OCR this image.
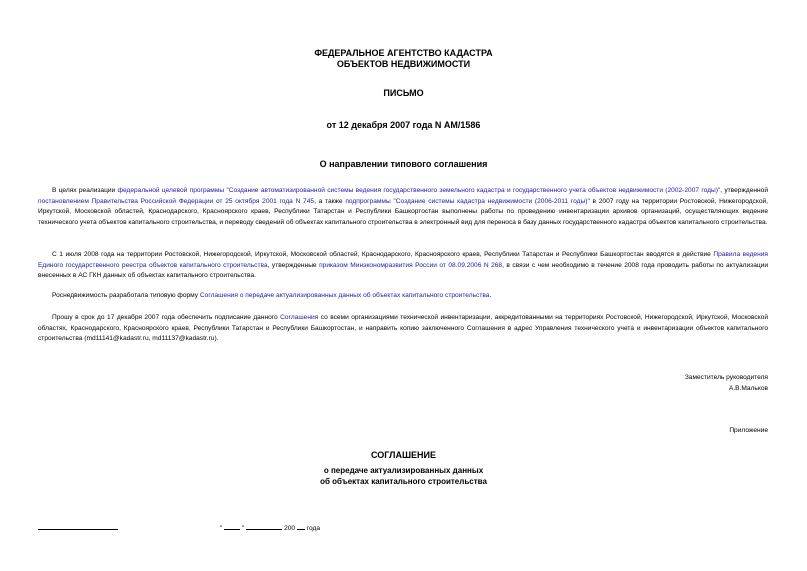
ФЕДЕРАЛЬНОЕ АГЕНТСТВО КАДАСТРА
ОБЪЕКТОВ НЕДВИЖИМОСТИ
ПИСЬМО
от 12 декабря 2007 года N АМ/1586
О направлении типового соглашения

В целях реализации федеральной целевой программы "Создание автоматизированной системы ведения государственного земельного кадастра и государственного учета объектов недвижимости (2002-2007 годы)", утвержденной постановлением Правительства Российской Федерации от 25 октября 2001 года N 745, а также подпрограммы "Создание системы кадастра недвижимости (2006-2011 годы)" в 2007 году на территории Ростовской, Нижегородской, Иркутской, Московской областей, Краснодарского, Красноярского краев, Республики Татарстан и Республики Башкортостан выполнены работы по проведению инвентаризации архивов организаций, осуществляющих ведение технического учета объектов капитального строительства, и переводу сведений об объектах капитального строительства в электронный вид для переноса в базу данных государственного кадастра объектов капитального строительства.

С 1 июля 2008 года на территории Ростовской, Нижегородской, Иркутской, Московской областей, Краснодарского, Красноярского краев, Республики Татарстан и Республики Башкортостан вводятся в действие Правила ведения Единого государственного реестра объектов капитального строительства, утвержденные приказом Минэкономразвития России от 08.09.2006 N 268, в связи с чем необходимо в течение 2008 года проводить работы по актуализации внесенных в АС ГКН данных об объектах капитального строительства.

Роснедвижимость разработала типовую форму Соглашения о передаче актуализированных данных об объектах капитального строительства.

Прошу в срок до 17 декабря 2007 года обеспечить подписание данного Соглашения со всеми организациями технической инвентаризации, аккредитованными на территориях Ростовской, Нижегородской, Иркутской, Московской областях, Краснодарского, Красноярского краев, Республики Татарстан и Республики Башкортостан, и направить копию заключенного Соглашения в адрес Управления технического учета и инвентаризации объектов капитального строительства (md11141@kadastr.ru, md11137@kadastr.ru).

Заместитель руководителя
А.В.Мальков
Приложение
СОГЛАШЕНИЕ
о передаче актуализированных данных
об объектах капитального строительства
"	"	200 года
